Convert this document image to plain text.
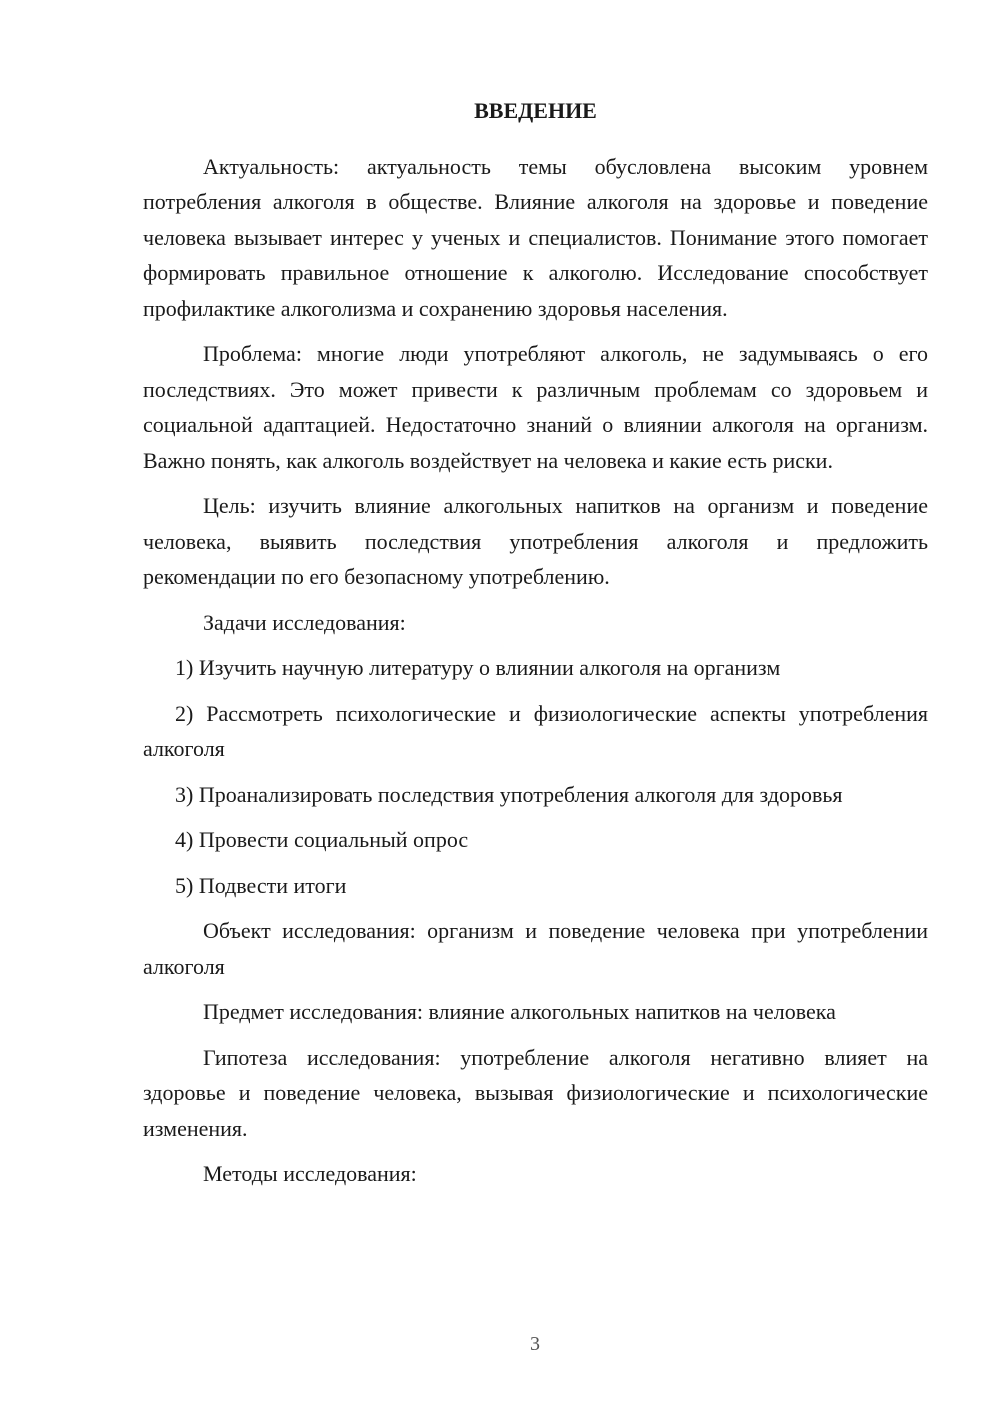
ВВЕДЕНИЕ

Актуальность: актуальность темы обусловлена высоким уровнем потребления алкоголя в обществе. Влияние алкоголя на здоровье и поведение человека вызывает интерес у ученых и специалистов. Понимание этого помогает формировать правильное отношение к алкоголю. Исследование способствует профилактике алкоголизма и сохранению здоровья населения.

Проблема: многие люди употребляют алкоголь, не задумываясь о его последствиях. Это может привести к различным проблемам со здоровьем и социальной адаптацией. Недостаточно знаний о влиянии алкоголя на организм. Важно понять, как алкоголь воздействует на человека и какие есть риски.

Цель: изучить влияние алкогольных напитков на организм и поведение человека, выявить последствия употребления алкоголя и предложить рекомендации по его безопасному употреблению.

Задачи исследования:

1) Изучить научную литературу о влиянии алкоголя на организм

2) Рассмотреть психологические и физиологические аспекты употребления алкоголя

3) Проанализировать последствия употребления алкоголя для здоровья

4) Провести социальный опрос

5) Подвести итоги

Объект исследования: организм и поведение человека при употреблении алкоголя

Предмет исследования: влияние алкогольных напитков на человека

Гипотеза исследования: употребление алкоголя негативно влияет на здоровье и поведение человека, вызывая физиологические и психологические изменения.

Методы исследования:

3
